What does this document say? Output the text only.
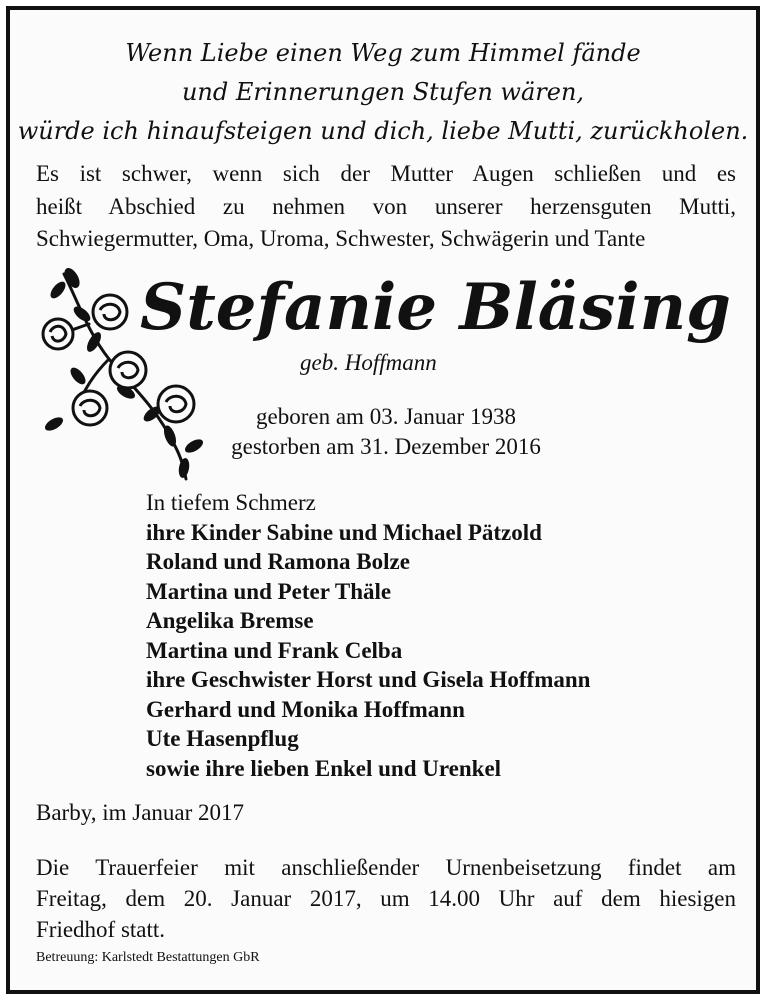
Wenn Liebe einen Weg zum Himmel fände
und Erinnerungen Stufen wären,
würde ich hinaufsteigen und dich, liebe Mutti, zurückholen.
Es ist schwer, wenn sich der Mutter Augen schließen und es
heißt Abschied zu nehmen von unserer herzensguten Mutti,
Schwiegermutter, Oma, Uroma, Schwester, Schwägerin und Tante
Stefanie Bläsing
geb. Hoffmann
geboren am 03. Januar 1938
gestorben am 31. Dezember 2016
In tiefem Schmerz
ihre Kinder Sabine und Michael Pätzold
Roland und Ramona Bolze
Martina und Peter Thäle
Angelika Bremse
Martina und Frank Celba
ihre Geschwister Horst und Gisela Hoffmann
Gerhard und Monika Hoffmann
Ute Hasenpflug
sowie ihre lieben Enkel und Urenkel
Barby, im Januar 2017
Die Trauerfeier mit anschließender Urnenbeisetzung findet am
Freitag, dem 20. Januar 2017, um 14.00 Uhr auf dem hiesigen
Friedhof statt.
Betreuung: Karlstedt Bestattungen GbR
